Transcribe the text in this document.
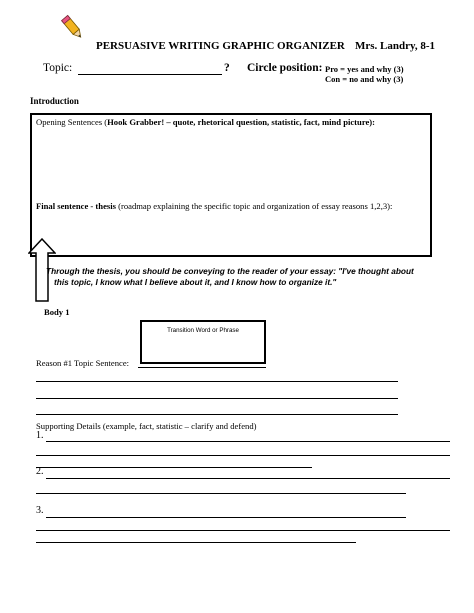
PERSUASIVE WRITING GRAPHIC ORGANIZER Mrs. Landry, 8-1
Topic:	? Circle position: Pro = yes and why (3)
Con = no and why (3)
Introduction
Opening Sentences (Hook Grabber! – quote, rhetorical question, statistic, fact, mind picture):
Final sentence - thesis (roadmap explaining the specific topic and organization of essay reasons 1,2,3):
Through the thesis, you should be conveying to the reader of your essay: "I've thought about
this topic, I know what I believe about it, and I know how to organize it."
Body 1
Transition Word or Phrase
Reason #1 Topic Sentence:
Supporting Details (example, fact, statistic – clarify and defend)
1.
2.
3.
